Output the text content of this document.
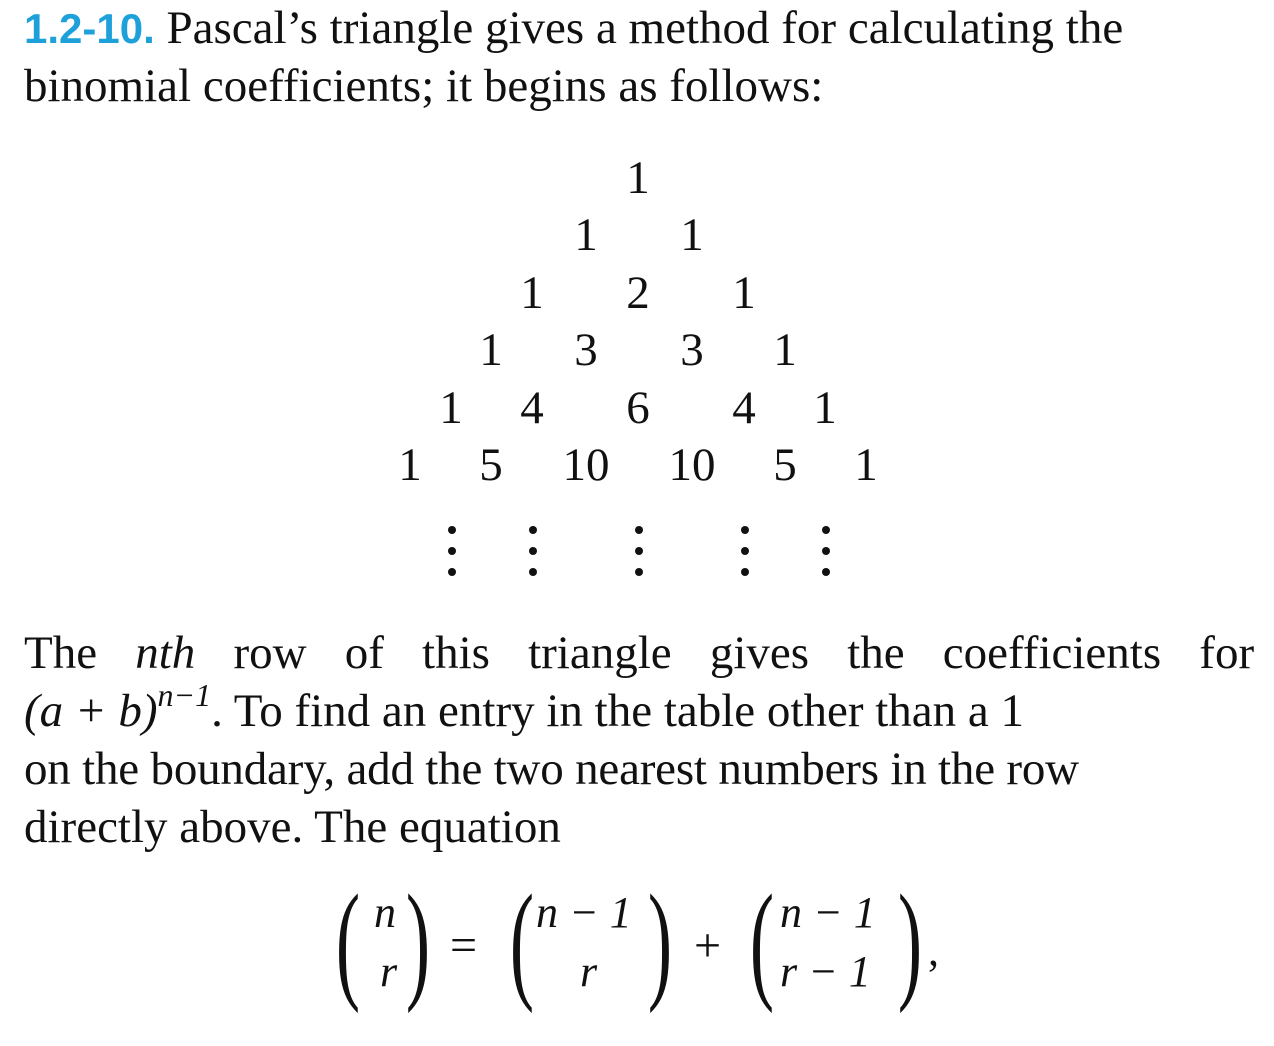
1.2-10. Pascal’s triangle gives a method for calculating the
binomial coefficients; it begins as follows:
1
1 1
1 2 1
1 3 3 1
1 4 6 4 1
1 5 10 10 5 1
The nth row of this triangle gives the coefficients for
$(a + b)^{n-1}$. To find an entry in the table other than a 1
on the boundary, add the two nearest numbers in the row
directly above. The equation
( n
r ) = ( n − 1
r ) + ( n − 1
r − 1 ) ,
